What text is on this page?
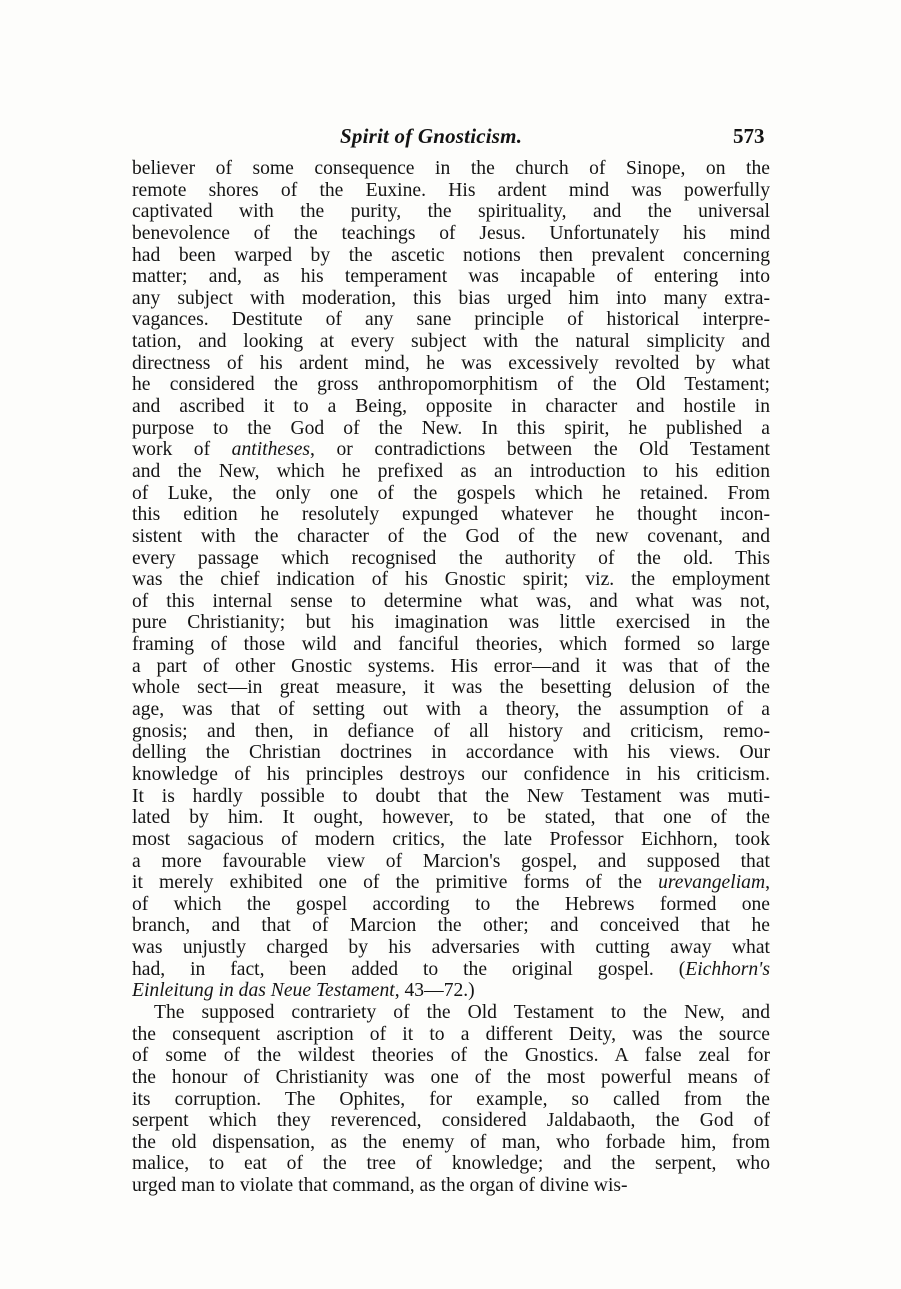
Spirit of Gnosticism.	573
believer of some consequence in the church of Sinope, on the
remote shores of the Euxine. His ardent mind was powerfully
captivated with the purity, the spirituality, and the universal
benevolence of the teachings of Jesus. Unfortunately his mind
had been warped by the ascetic notions then prevalent concerning
matter; and, as his temperament was incapable of entering into
any subject with moderation, this bias urged him into many extra-
vagances. Destitute of any sane principle of historical interpre-
tation, and looking at every subject with the natural simplicity and
directness of his ardent mind, he was excessively revolted by what
he considered the gross anthropomorphitism of the Old Testament;
and ascribed it to a Being, opposite in character and hostile in
purpose to the God of the New. In this spirit, he published a
work of antitheses, or contradictions between the Old Testament
and the New, which he prefixed as an introduction to his edition
of Luke, the only one of the gospels which he retained. From
this edition he resolutely expunged whatever he thought incon-
sistent with the character of the God of the new covenant, and
every passage which recognised the authority of the old. This
was the chief indication of his Gnostic spirit; viz. the employment
of this internal sense to determine what was, and what was not,
pure Christianity; but his imagination was little exercised in the
framing of those wild and fanciful theories, which formed so large
a part of other Gnostic systems. His error—and it was that of the
whole sect—in great measure, it was the besetting delusion of the
age, was that of setting out with a theory, the assumption of a
gnosis; and then, in defiance of all history and criticism, remo-
delling the Christian doctrines in accordance with his views. Our
knowledge of his principles destroys our confidence in his criticism.
It is hardly possible to doubt that the New Testament was muti-
lated by him. It ought, however, to be stated, that one of the
most sagacious of modern critics, the late Professor Eichhorn, took
a more favourable view of Marcion's gospel, and supposed that
it merely exhibited one of the primitive forms of the urevangeliam,
of which the gospel according to the Hebrews formed one
branch, and that of Marcion the other; and conceived that he
was unjustly charged by his adversaries with cutting away what
had, in fact, been added to the original gospel. (Eichhorn's
Einleitung in das Neue Testament, 43—72.)
The supposed contrariety of the Old Testament to the New, and
the consequent ascription of it to a different Deity, was the source
of some of the wildest theories of the Gnostics. A false zeal for
the honour of Christianity was one of the most powerful means of
its corruption. The Ophites, for example, so called from the
serpent which they reverenced, considered Jaldabaoth, the God of
the old dispensation, as the enemy of man, who forbade him, from
malice, to eat of the tree of knowledge; and the serpent, who
urged man to violate that command, as the organ of divine wis-
